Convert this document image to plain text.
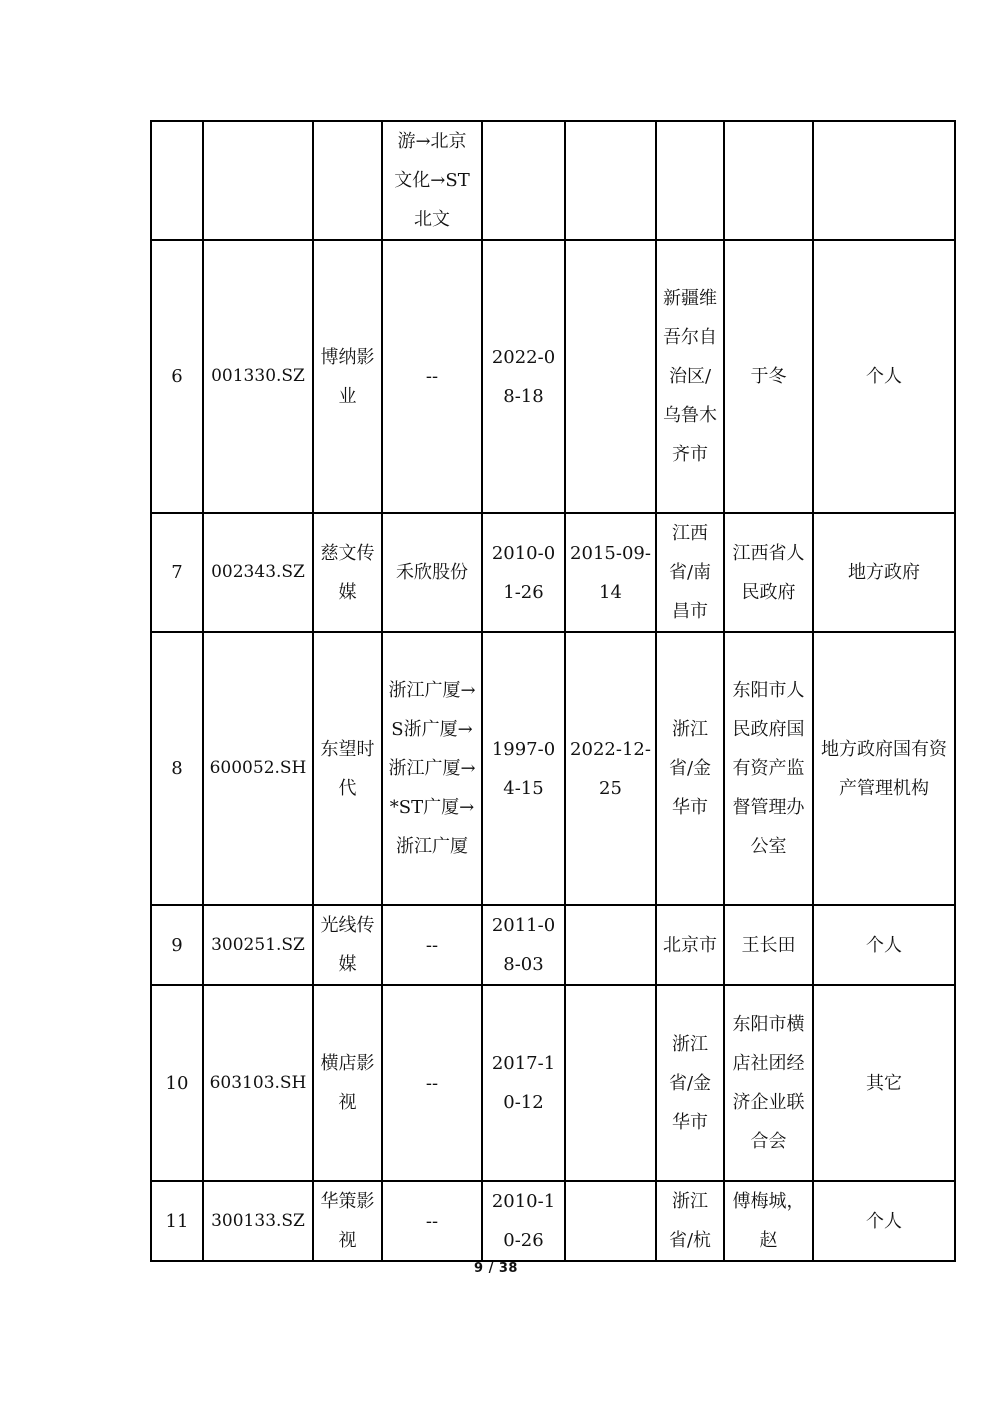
			游→北京
文化→ST
北文					

6	001330.SZ	博纳影业	--	2022-08-18		新疆维吾尔自治区/乌鲁木齐市	于冬	个人
7	002343.SZ	慈文传媒	禾欣股份	2010-01-26	2015-09-14	江西省/南昌市	江西省人民政府	地方政府
8	600052.SH	东望时代	浙江广厦→S浙广厦→浙江广厦→*ST广厦→浙江广厦	1997-04-15	2022-12-25	浙江省/金华市	东阳市人民政府国有资产监督管理办公室	地方政府国有资产管理机构
9	300251.SZ	光线传媒	--	2011-08-03		北京市	王长田	个人
10	603103.SH	横店影视	--	2017-10-12		浙江省/金华市	东阳市横店社团经济企业联合会	其它
11	300133.SZ	华策影视	--	2010-10-26		浙江省/杭	傅梅城，赵	个人
9 / 38
